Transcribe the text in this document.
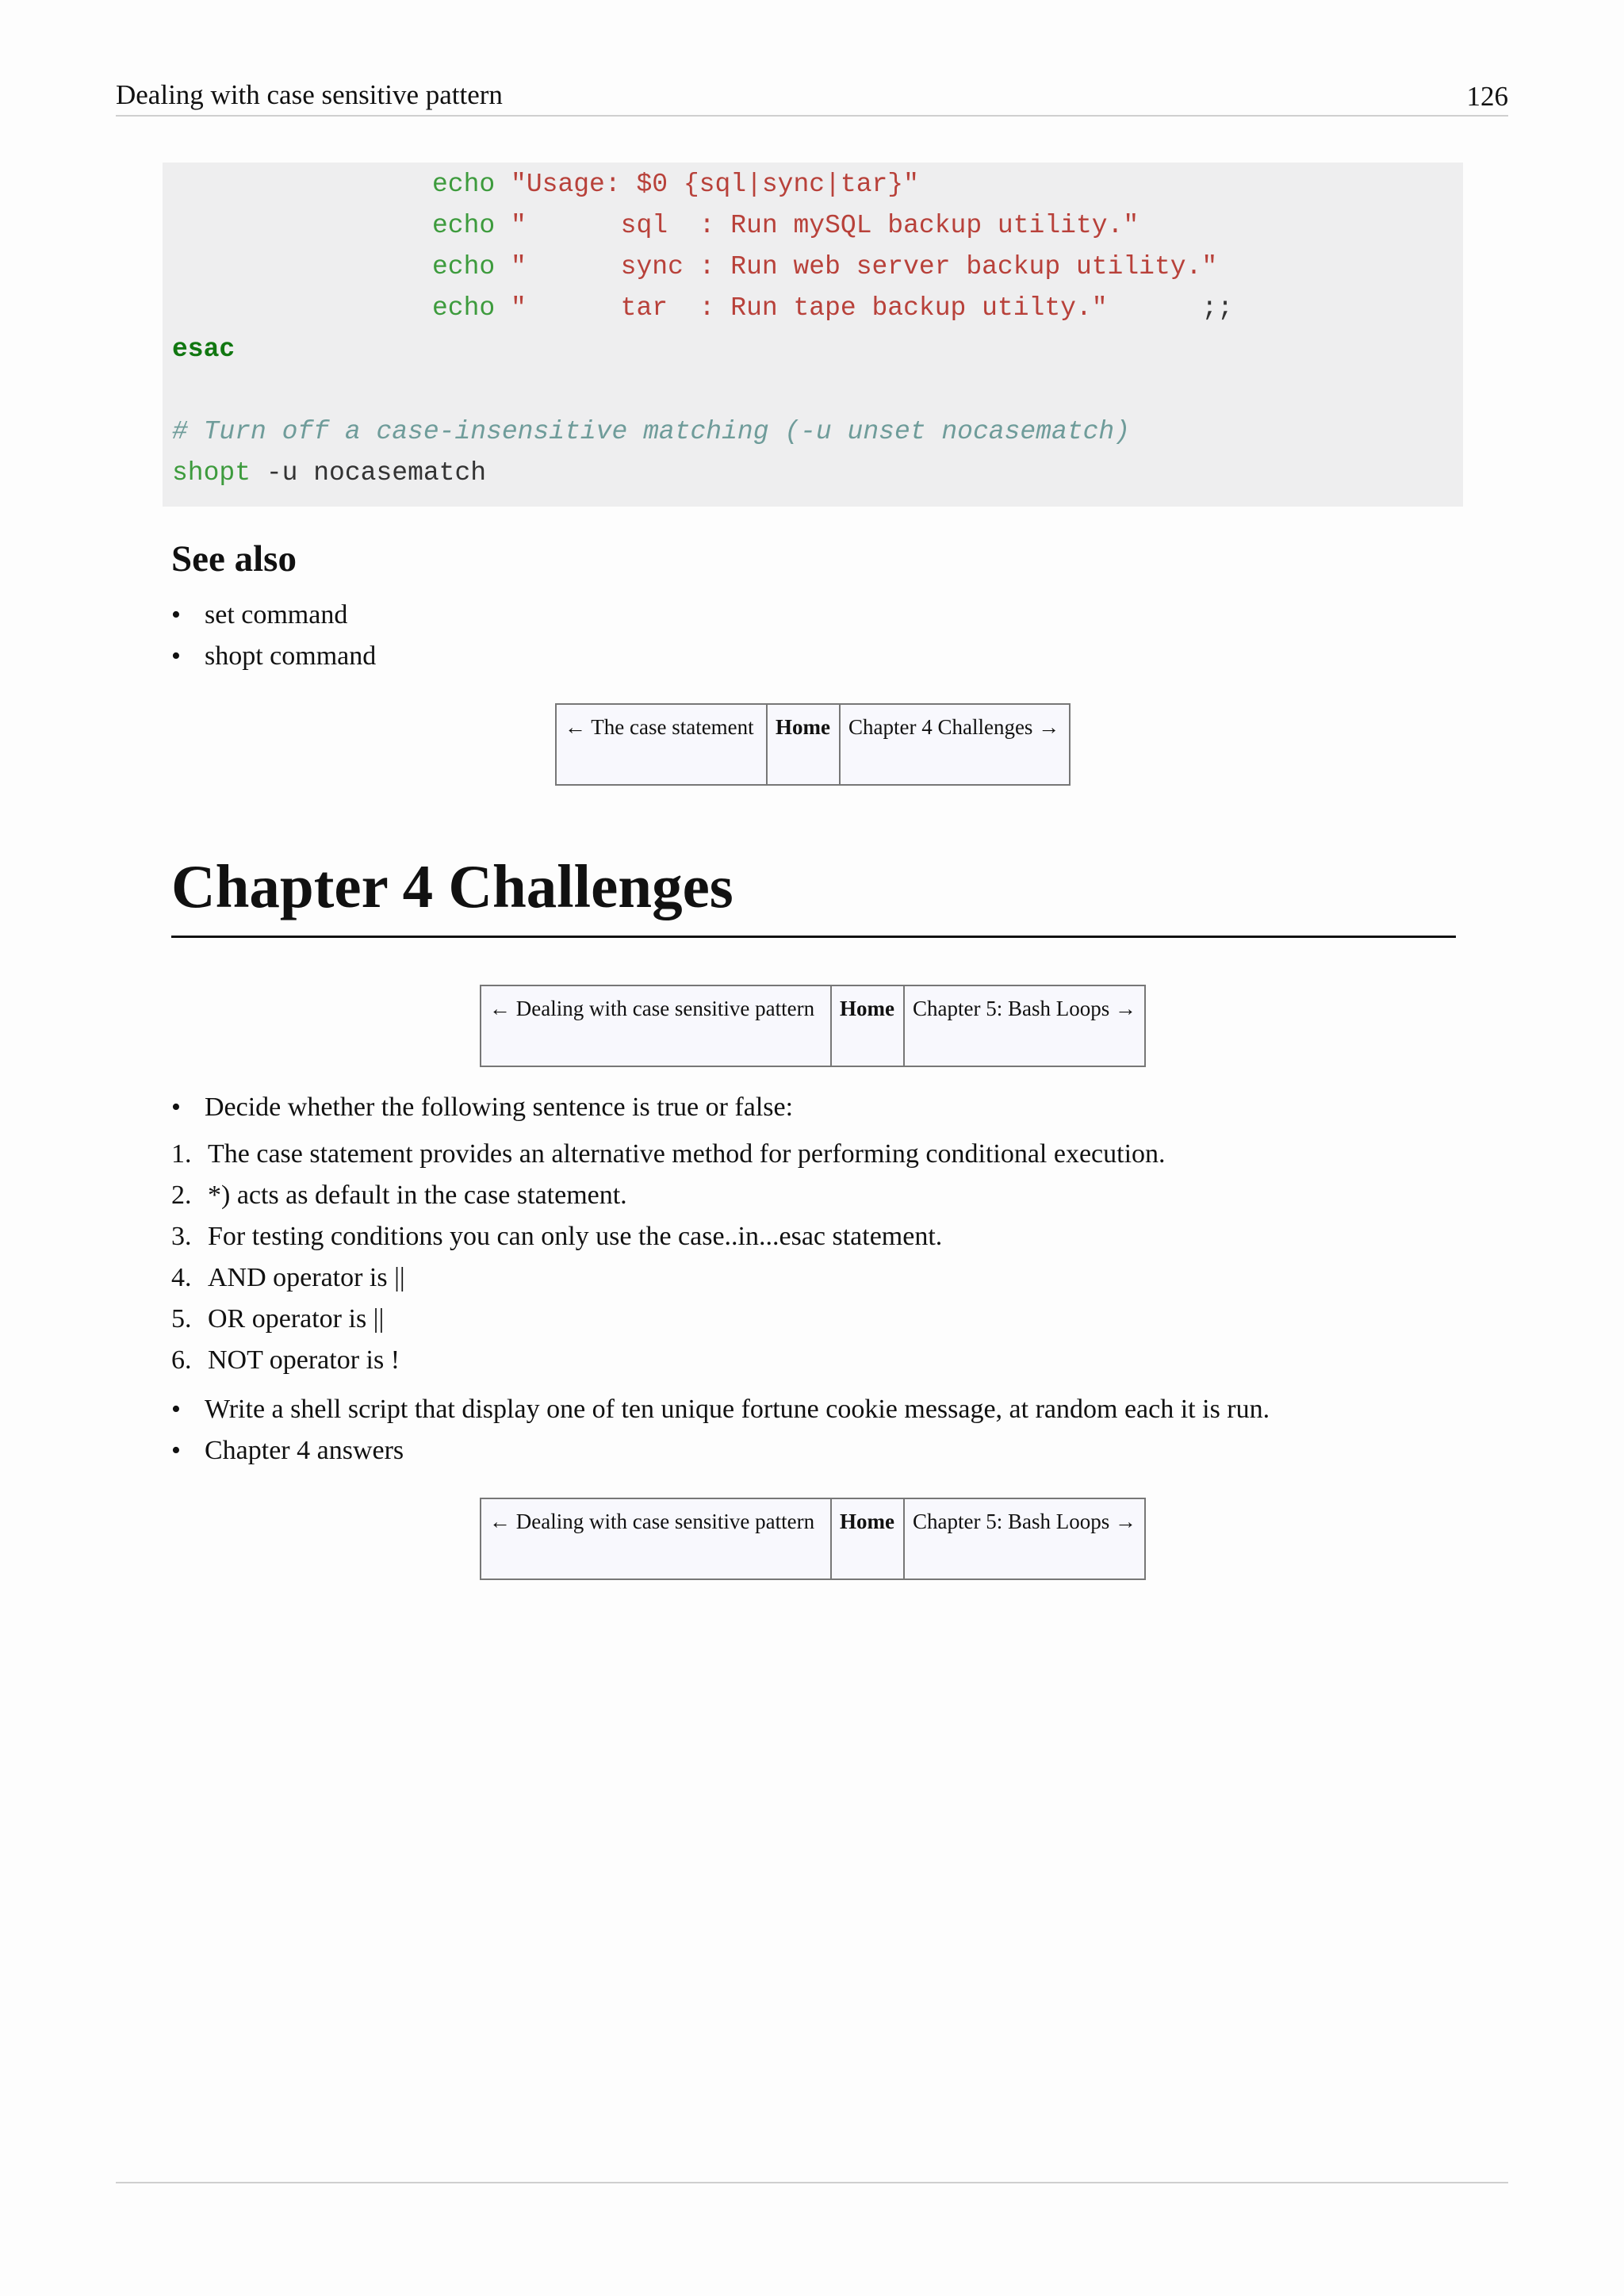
Dealing with case sensitive pattern	126
echo "Usage: $0 {sql|sync|tar}"
echo "      sql  : Run mySQL backup utility."
echo "      sync : Run web server backup utility."
echo "      tar  : Run tape backup utilty."      ;;
esac
# Turn off a case-insensitive matching (-u unset nocasematch)
shopt -u nocasematch
See also
• set command
• shopt command
← The case statement	Home	Chapter 4 Challenges →
Chapter 4 Challenges
← Dealing with case sensitive pattern	Home	Chapter 5: Bash Loops →
• Decide whether the following sentence is true or false:
1. The case statement provides an alternative method for performing conditional execution.
2. *) acts as default in the case statement.
3. For testing conditions you can only use the case..in...esac statement.
4. AND operator is ||
5. OR operator is ||
6. NOT operator is !
• Write a shell script that display one of ten unique fortune cookie message, at random each it is run.
• Chapter 4 answers
← Dealing with case sensitive pattern	Home	Chapter 5: Bash Loops →
